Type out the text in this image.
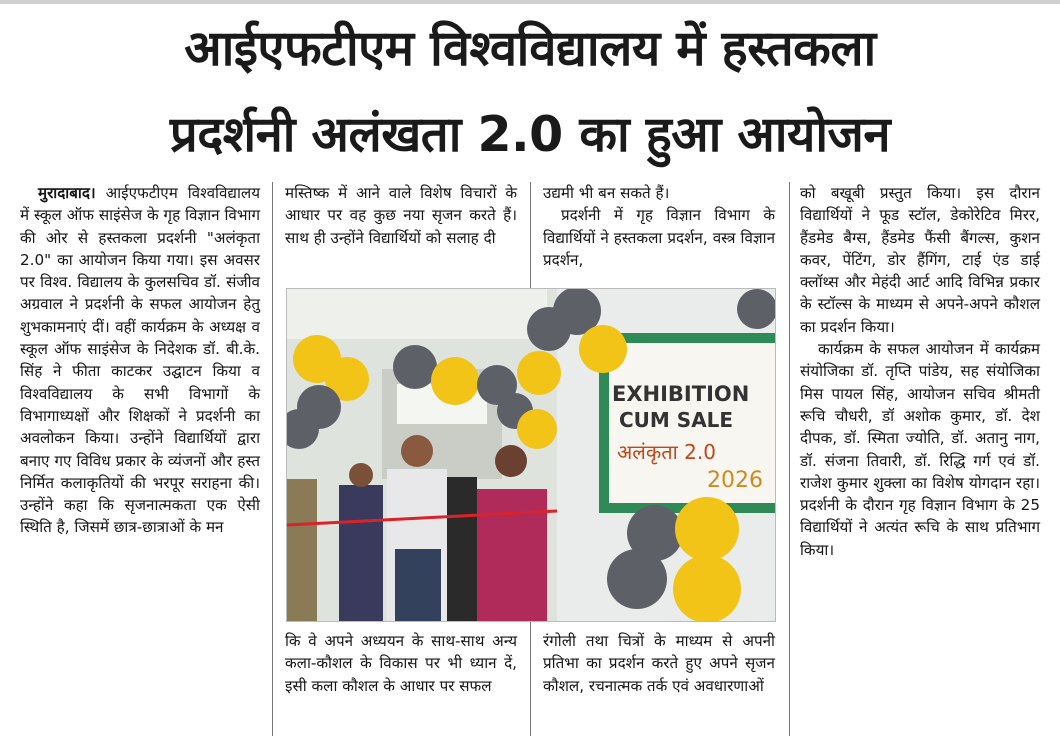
आईएफटीएम विश्वविद्यालय में हस्तकला
प्रदर्शनी अलंखता 2.0 का हुआ आयोजन

मुरादाबाद। आईएफटीएम विश्वविद्यालय में स्कूल ऑफ साइंसेज के गृह विज्ञान विभाग की ओर से हस्तकला प्रदर्शनी "अलंकृता 2.0" का आयोजन किया गया। इस अवसर पर विश्व. विद्यालय के कुलसचिव डॉ. संजीव अग्रवाल ने प्रदर्शनी के सफल आयोजन हेतु शुभकामनाएं दीं। वहीं कार्यक्रम के अध्यक्ष व स्कूल ऑफ साइंसेज के निदेशक डॉ. बी.के. सिंह ने फीता काटकर उद्घाटन किया व विश्वविद्यालय के सभी विभागों के विभागाध्यक्षों और शिक्षकों ने प्रदर्शनी का अवलोकन किया। उन्होंने विद्यार्थियों द्वारा बनाए गए विविध प्रकार के व्यंजनों और हस्त निर्मित कलाकृतियों की भरपूर सराहना की। उन्होंने कहा कि सृजनात्मकता एक ऐसी स्थिति है, जिसमें छात्र-छात्राओं के मन

मस्तिष्क में आने वाले विशेष विचारों के आधार पर वह कुछ नया सृजन करते हैं। साथ ही उन्होंने विद्यार्थियों को सलाह दी

उद्यमी भी बन सकते हैं।

प्रदर्शनी में गृह विज्ञान विभाग के विद्यार्थियों ने हस्तकला प्रदर्शन, वस्त्र विज्ञान प्रदर्शन,

EXHIBITION
CUM SALE
अलंकृता 2.0
2026

कि वे अपने अध्ययन के साथ-साथ अन्य कला-कौशल के विकास पर भी ध्यान दें, इसी कला कौशल के आधार पर सफल

रंगोली तथा चित्रों के माध्यम से अपनी प्रतिभा का प्रदर्शन करते हुए अपने सृजन कौशल, रचनात्मक तर्क एवं अवधारणाओं

को बखूबी प्रस्तुत किया। इस दौरान विद्यार्थियों ने फूड स्टॉल, डेकोरेटिव मिरर, हैंडमेड बैग्स, हैंडमेड फैंसी बैंगल्स, कुशन कवर, पेंटिंग, डोर हैंगिंग, टाई एंड डाई क्लॉथ्स और मेहंदी आर्ट आदि विभिन्न प्रकार के स्टॉल्स के माध्यम से अपने-अपने कौशल का प्रदर्शन किया।

कार्यक्रम के सफल आयोजन में कार्यक्रम संयोजिका डॉ. तृप्ति पांडेय, सह संयोजिका मिस पायल सिंह, आयोजन सचिव श्रीमती रूचि चौधरी, डॉ अशोक कुमार, डॉ. देश दीपक, डॉ. स्मिता ज्योति, डॉ. अतानु नाग, डॉ. संजना तिवारी, डॉ. रिद्धि गर्ग एवं डॉ. राजेश कुमार शुक्ला का विशेष योगदान रहा। प्रदर्शनी के दौरान गृह विज्ञान विभाग के 25 विद्यार्थियों ने अत्यंत रूचि के साथ प्रतिभाग किया।
